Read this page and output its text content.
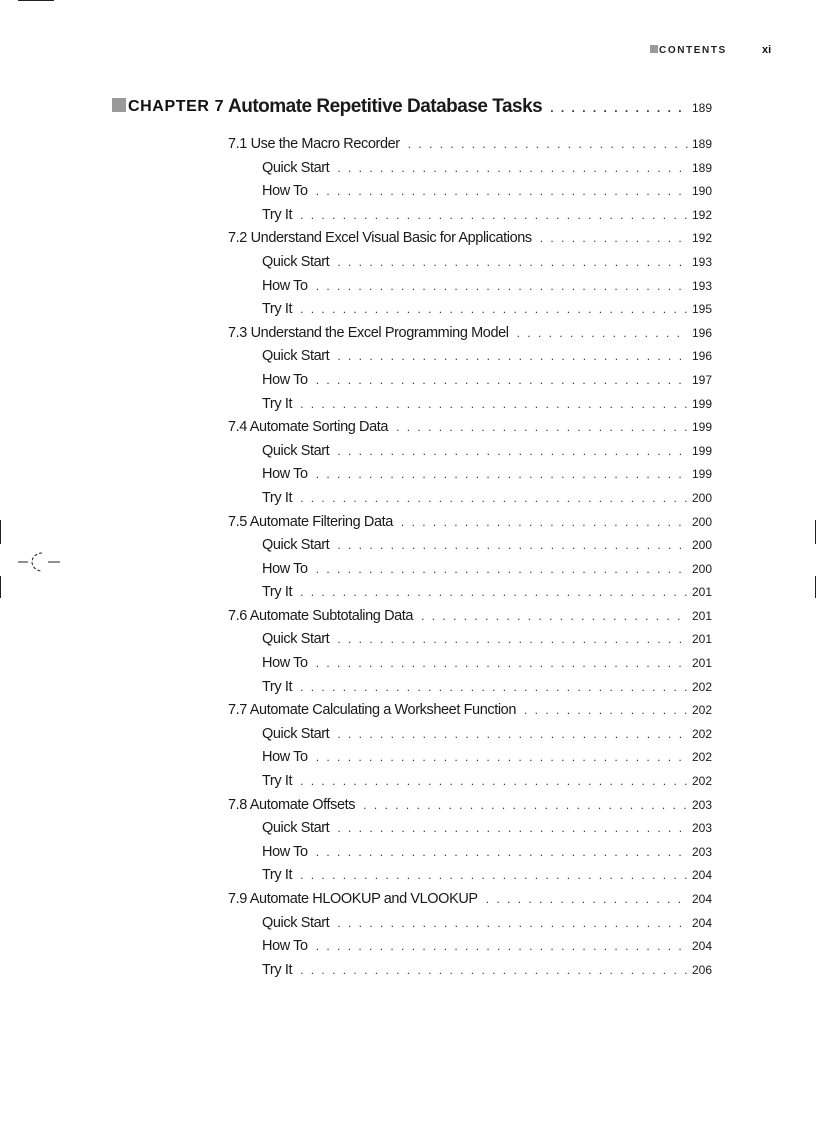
CONTENTS	xi
CHAPTER 7 Automate Repetitive Database Tasks . . .	189
7.1 Use the Macro Recorder . . .	189
Quick Start . . .	189
How To . . .	190
Try It . . .	192
7.2 Understand Excel Visual Basic for Applications . . .	192
Quick Start . . .	193
How To . . .	193
Try It . . .	195
7.3 Understand the Excel Programming Model . . .	196
Quick Start . . .	196
How To . . .	197
Try It . . .	199
7.4 Automate Sorting Data . . .	199
Quick Start . . .	199
How To . . .	199
Try It . . .	200
7.5 Automate Filtering Data . . .	200
Quick Start . . .	200
How To . . .	200
Try It . . .	201
7.6 Automate Subtotaling Data . . .	201
Quick Start . . .	201
How To . . .	201
Try It . . .	202
7.7 Automate Calculating a Worksheet Function . . .	202
Quick Start . . .	202
How To . . .	202
Try It . . .	202
7.8 Automate Offsets . . .	203
Quick Start . . .	203
How To . . .	203
Try It . . .	204
7.9 Automate HLOOKUP and VLOOKUP . . .	204
Quick Start . . .	204
How To . . .	204
Try It . . .	206
